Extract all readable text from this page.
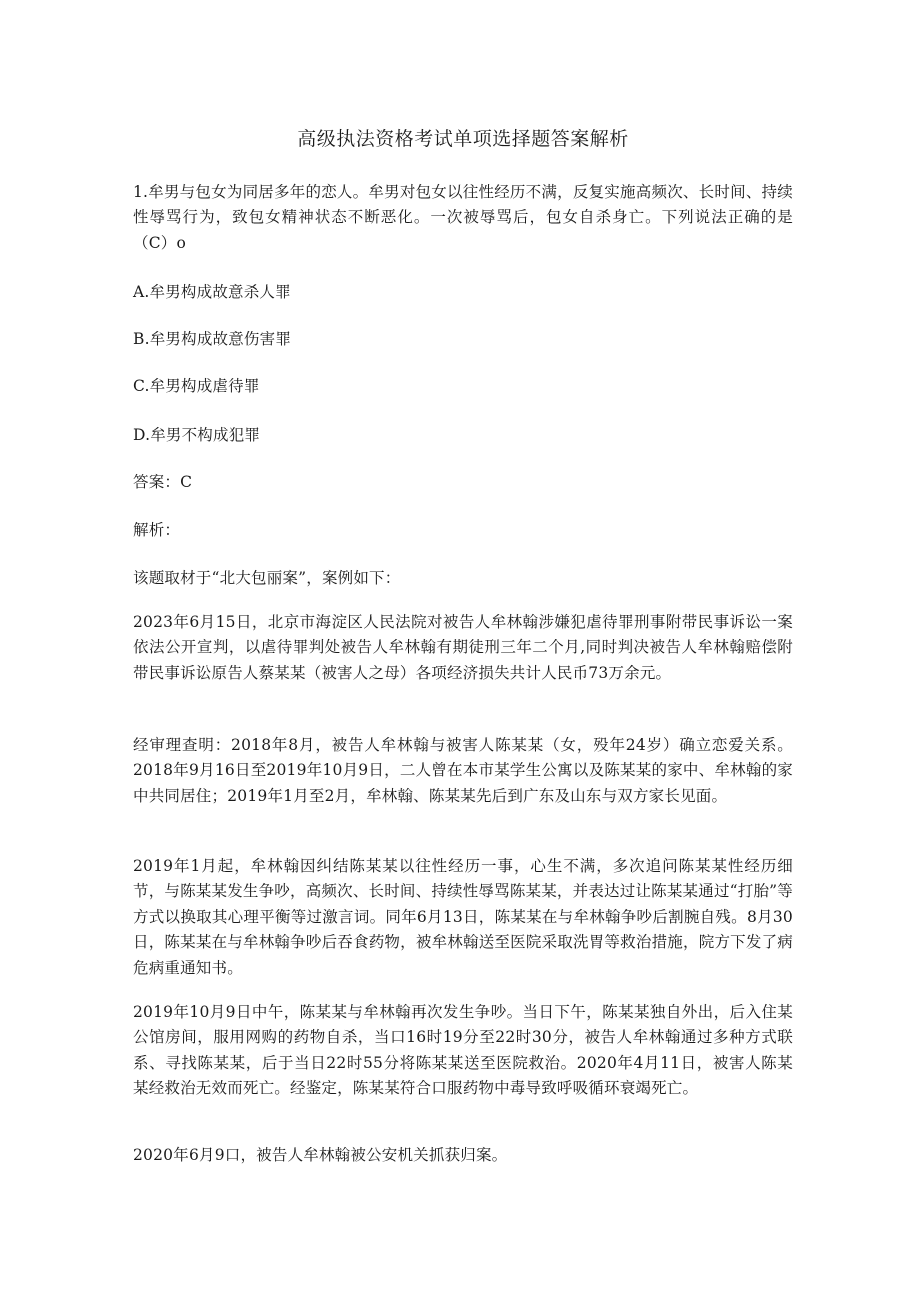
高级执法资格考试单项选择题答案解析

1.牟男与包女为同居多年的恋人。牟男对包女以往性经历不满，反复实施高频次、长时间、持续性辱骂行为，致包女精神状态不断恶化。一次被辱骂后，包女自杀身亡。下列说法正确的是（C）o

A.牟男构成故意杀人罪

B.牟男构成故意伤害罪

C.牟男构成虐待罪

D.牟男不构成犯罪

答案：C

解析：

该题取材于“北大包丽案”，案例如下：

2023年6月15日，北京市海淀区人民法院对被告人牟林翰涉嫌犯虐待罪刑事附带民事诉讼一案依法公开宣判，以虐待罪判处被告人牟林翰有期徒刑三年二个月,同时判决被告人牟林翰赔偿附带民事诉讼原告人蔡某某（被害人之母）各项经济损失共计人民币73万余元。

经审理查明：2018年8月，被告人牟林翰与被害人陈某某（女，殁年24岁）确立恋爱关系。2018年9月16日至2019年10月9日，二人曾在本市某学生公寓以及陈某某的家中、牟林翰的家中共同居住；2019年1月至2月，牟林翰、陈某某先后到广东及山东与双方家长见面。

2019年1月起，牟林翰因纠结陈某某以往性经历一事，心生不满，多次追问陈某某性经历细节，与陈某某发生争吵，高频次、长时间、持续性辱骂陈某某，并表达过让陈某某通过“打胎”等方式以换取其心理平衡等过激言词。同年6月13日，陈某某在与牟林翰争吵后割腕自残。8月30日，陈某某在与牟林翰争吵后吞食药物，被牟林翰送至医院采取洗胃等救治措施，院方下发了病危病重通知书。

2019年10月9日中午，陈某某与牟林翰再次发生争吵。当日下午，陈某某独自外出，后入住某公馆房间，服用网购的药物自杀，当口16时19分至22时30分，被告人牟林翰通过多种方式联系、寻找陈某某，后于当日22时55分将陈某某送至医院救治。2020年4月11日，被害人陈某某经救治无效而死亡。经鉴定，陈某某符合口服药物中毒导致呼吸循环衰竭死亡。

2020年6月9口，被告人牟林翰被公安机关抓获归案。
